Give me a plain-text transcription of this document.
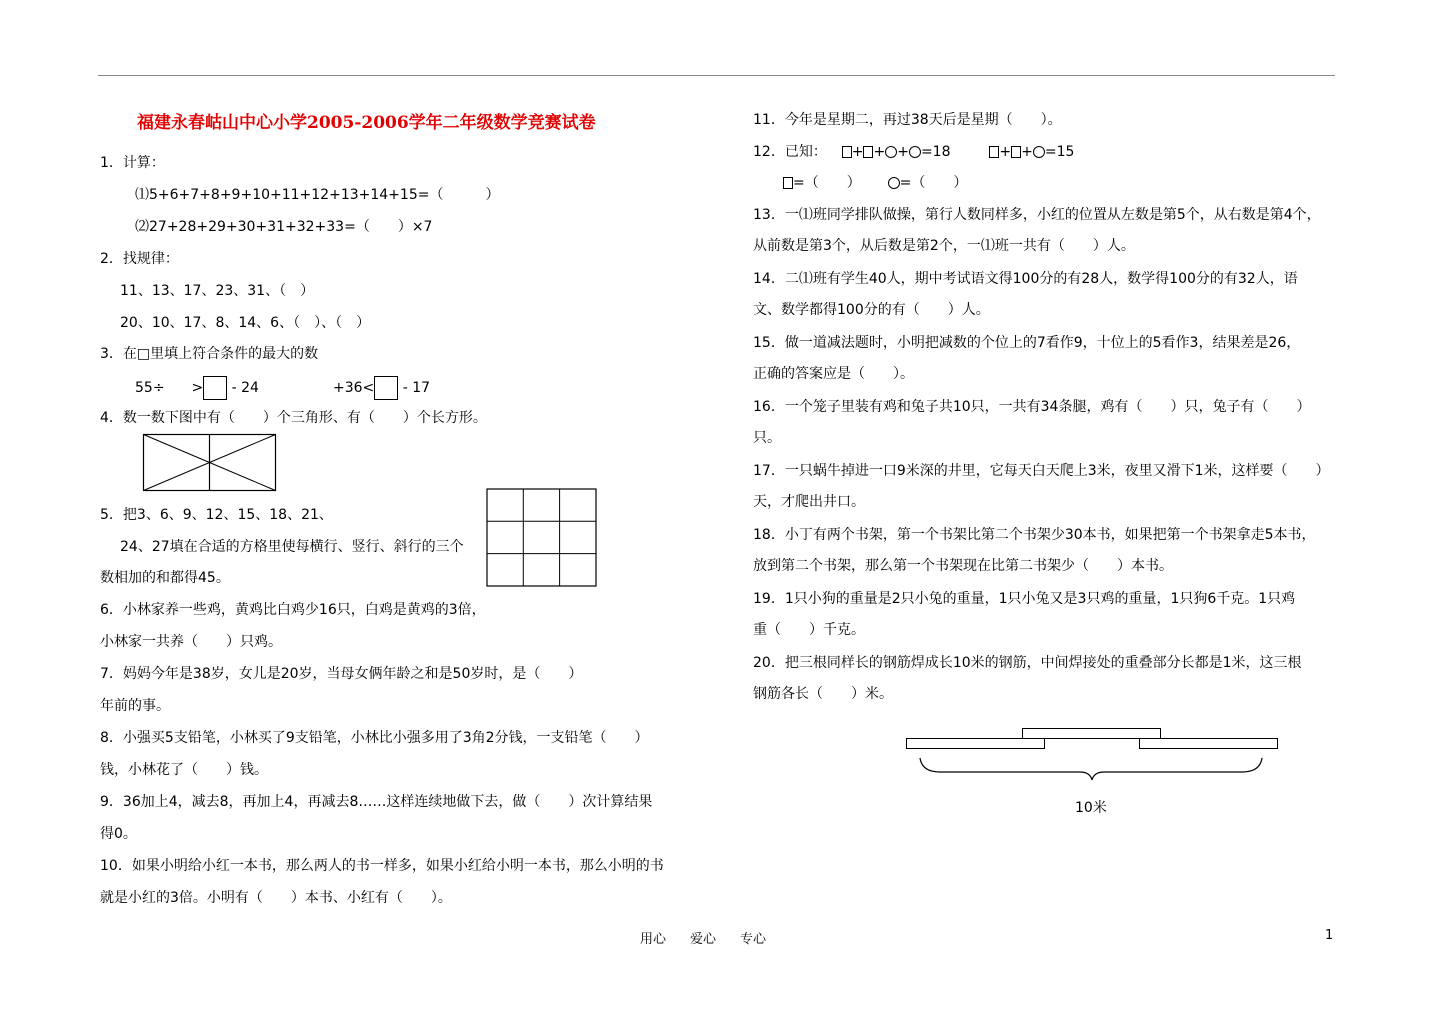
福建永春岵山中心小学2005-2006学年二年级数学竞赛试卷
1．计算：
⑴5+6+7+8+9+10+11+12+13+14+15=（　　　）
⑵27+28+29+30+31+32+33=（　　）×7
2．找规律：
11、13、17、23、31、（　）
20、10、17、8、14、6、（　）、（　）
3．在□里填上符合条件的最大的数
55÷ > - 24	+36< - 17
4．数一数下图中有（　　）个三角形、有（　　）个长方形。
5．把3、6、9、12、15、18、21、
24、27填在合适的方格里使每横行、竖行、斜行的三个
数相加的和都得45。
6．小林家养一些鸡，黄鸡比白鸡少16只，白鸡是黄鸡的3倍，
小林家一共养（　　）只鸡。
7．妈妈今年是38岁，女儿是20岁，当母女俩年龄之和是50岁时，是（　　）
年前的事。
8．小强买5支铅笔，小林买了9支铅笔，小林比小强多用了3角2分钱，一支铅笔（　　）
钱，小林花了（　　）钱。
9．36加上4，减去8，再加上4，再减去8……这样连续地做下去，做（　　）次计算结果
得0。
10．如果小明给小红一本书，那么两人的书一样多，如果小红给小明一本书，那么小明的书
就是小红的3倍。小明有（　　）本书、小红有（　　）。
11．今年是星期二，再过38天后是星期（　　）。
12．已知： + + + =18	+ + =15
=（　　）	=（　　）
13．一⑴班同学排队做操，第行人数同样多，小红的位置从左数是第5个，从右数是第4个，
从前数是第3个，从后数是第2个，一⑴班一共有（　　）人。
14．二⑴班有学生40人，期中考试语文得100分的有28人，数学得100分的有32人，语
文、数学都得100分的有（　　）人。
15．做一道减法题时，小明把减数的个位上的7看作9，十位上的5看作3，结果差是26，
正确的答案应是（　　）。
16．一个笼子里装有鸡和兔子共10只，一共有34条腿，鸡有（　　）只，兔子有（　　）
只。
17．一只蜗牛掉进一口9米深的井里，它每天白天爬上3米，夜里又滑下1米，这样要（　　）
天，才爬出井口。
18．小丁有两个书架，第一个书架比第二个书架少30本书，如果把第一个书架拿走5本书，
放到第二个书架，那么第一个书架现在比第二书架少（　　）本书。
19．1只小狗的重量是2只小兔的重量，1只小兔又是3只鸡的重量，1只狗6千克。1只鸡
重（　　）千克。
20．把三根同样长的钢筋焊成长10米的钢筋，中间焊接处的重叠部分长都是1米，这三根
钢筋各长（　　）米。
10米
用心 爱心 专心	1
